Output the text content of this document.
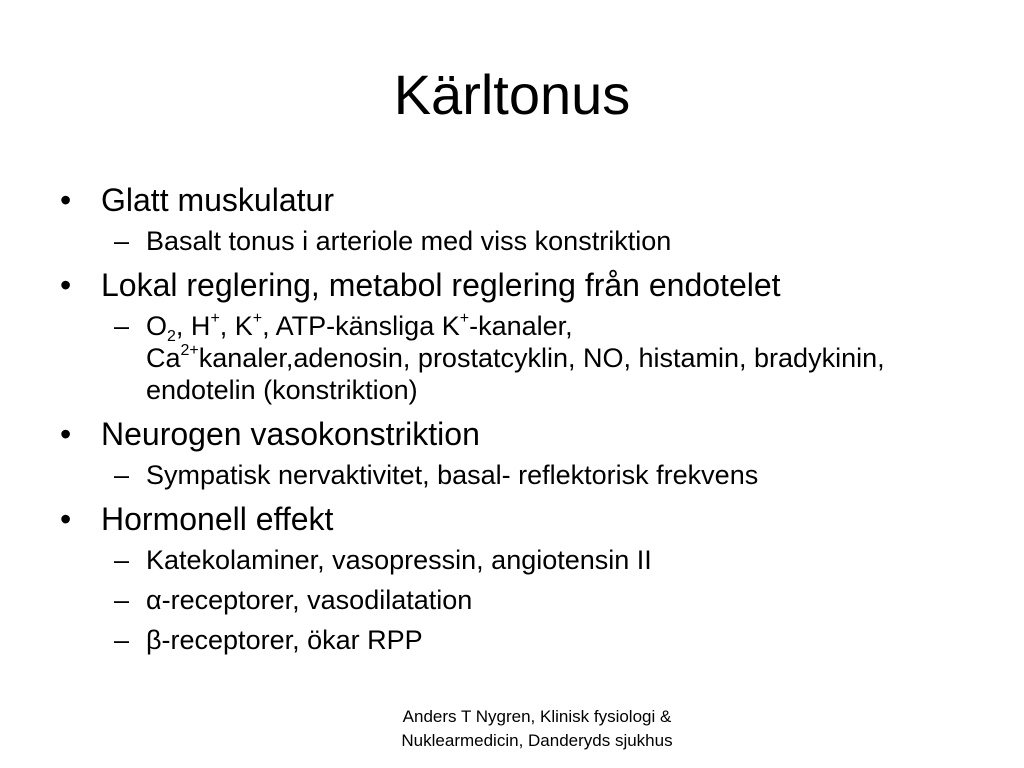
Kärltonus
• Glatt muskulatur
– Basalt tonus i arteriole med viss konstriktion
• Lokal reglering, metabol reglering från endotelet
– $O_2$, H+, K+, ATP-känsliga K+-kanaler,
$Ca^{2+}kanaler,adenosin$, prostatcyklin, NO, histamin, bradykinin, endotelin (konstriktion)
• Neurogen vasokonstriktion
– Sympatisk nervaktivitet, basal- reflektorisk frekvens
• Hormonell effekt
– Katekolaminer, vasopressin, angiotensin II
– α-receptorer, vasodilatation
– β-receptorer, ökar RPP
Anders T Nygren, Klinisk fysiologi &
Nuklearmedicin, Danderyds sjukhus
